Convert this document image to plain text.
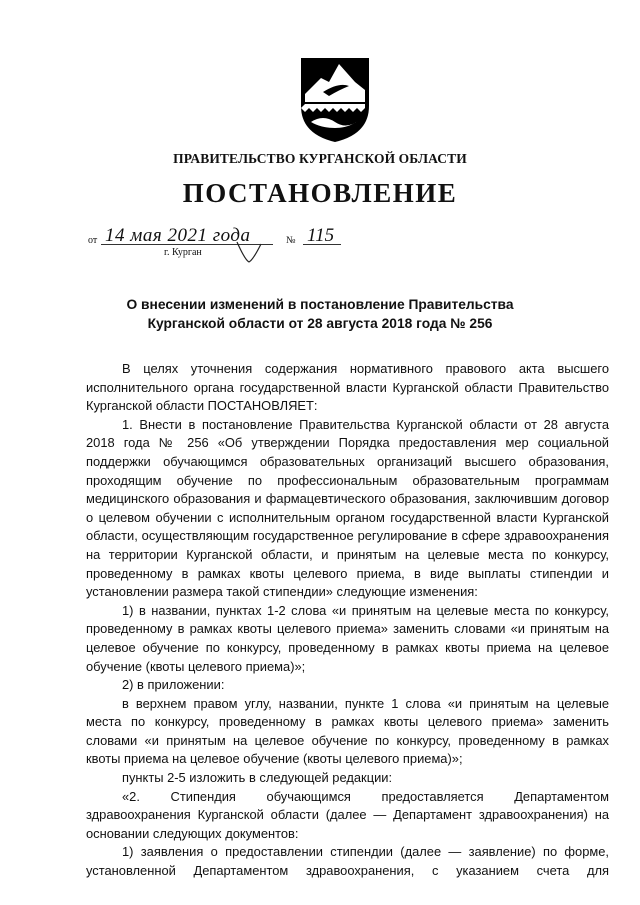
ПРАВИТЕЛЬСТВО КУРГАНСКОЙ ОБЛАСТИ
ПОСТАНОВЛЕНИЕ
от 14 мая 2021 года	№ 115
г. Курган
О внесении изменений в постановление Правительства
Курганской области от 28 августа 2018 года № 256

В целях уточнения содержания нормативного правового акта высшего исполнительного органа государственной власти Курганской области Правительство Курганской области ПОСТАНОВЛЯЕТ:

1. Внести в постановление Правительства Курганской области от 28 августа 2018 года № 256 «Об утверждении Порядка предоставления мер социальной поддержки обучающимся образовательных организаций высшего образования, проходящим обучение по профессиональным образовательным программам медицинского образования и фармацевтического образования, заключившим договор о целевом обучении с исполнительным органом государственной власти Курганской области, осуществляющим государственное регулирование в сфере здравоохранения на территории Курганской области, и принятым на целевые места по конкурсу, проведенному в рамках квоты целевого приема, в виде выплаты стипендии и установлении размера такой стипендии» следующие изменения:

1) в названии, пунктах 1-2 слова «и принятым на целевые места по конкурсу, проведенному в рамках квоты целевого приема» заменить словами «и принятым на целевое обучение по конкурсу, проведенному в рамках квоты приема на целевое обучение (квоты целевого приема)»;

2) в приложении:

в верхнем правом углу, названии, пункте 1 слова «и принятым на целевые места по конкурсу, проведенному в рамках квоты целевого приема» заменить словами «и принятым на целевое обучение по конкурсу, проведенному в рамках квоты приема на целевое обучение (квоты целевого приема)»;

пункты 2-5 изложить в следующей редакции:

«2. Стипендия обучающимся предоставляется Департаментом здравоохранения Курганской области (далее — Департамент здравоохранения) на основании следующих документов:

1) заявления о предоставлении стипендии (далее — заявление) по форме, установленной Департаментом здравоохранения, с указанием счета для
